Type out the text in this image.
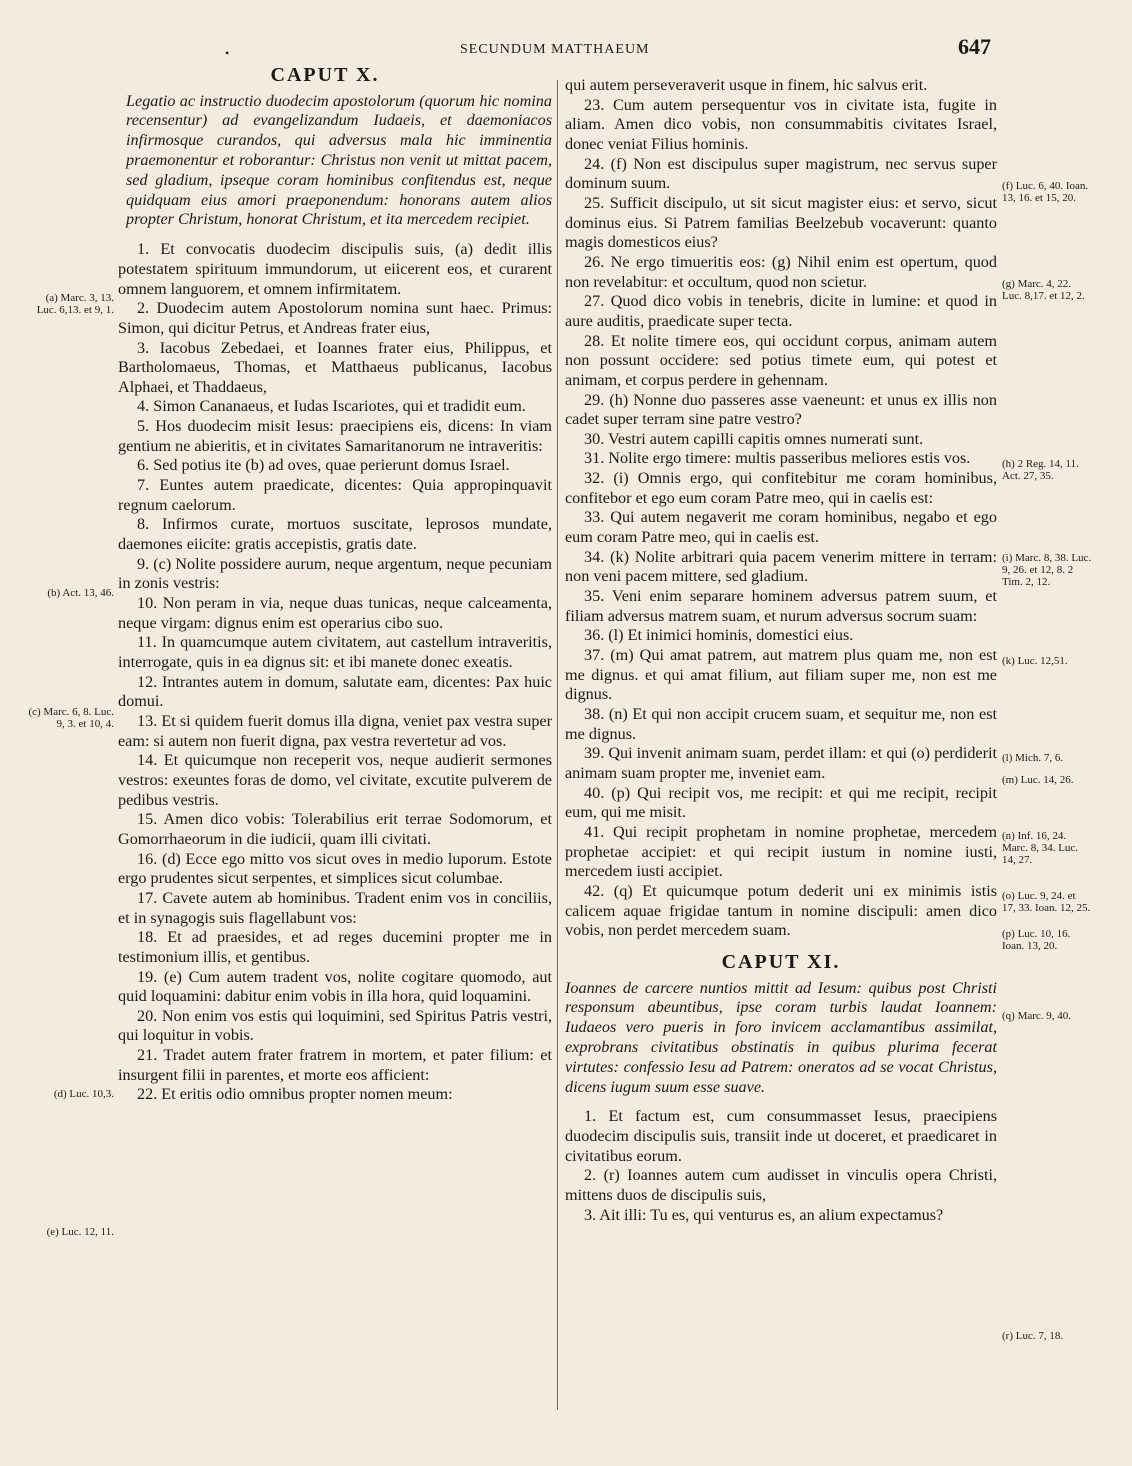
•	SECUNDUM MATTHAEUM	647
CAPUT X.

Legatio ac instructio duodecim apostolorum (quorum hic nomina recensentur) ad evangelizandum Iudaeis, et daemoniacos infirmosque curandos, qui adversus mala hic imminentia praemonentur et roborantur: Christus non venit ut mittat pacem, sed gladium, ipseque coram hominibus confitendus est, neque quidquam eius amori praeponendum: honorans autem alios propter Christum, honorat Christum, et ita mercedem recipiet.

1. Et convocatis duodecim discipulis suis, (a) dedit illis potestatem spirituum immundorum, ut eiicerent eos, et curarent omnem languorem, et omnem infirmitatem.

2. Duodecim autem Apostolorum nomina sunt haec. Primus: Simon, qui dicitur Petrus, et Andreas frater eius,

3. Iacobus Zebedaei, et Ioannes frater eius, Philippus, et Bartholomaeus, Thomas, et Matthaeus publicanus, Iacobus Alphaei, et Thaddaeus,

4. Simon Cananaeus, et Iudas Iscariotes, qui et tradidit eum.

5. Hos duodecim misit Iesus: praecipiens eis, dicens: In viam gentium ne abieritis, et in civitates Samaritanorum ne intraveritis:

6. Sed potius ite (b) ad oves, quae perierunt domus Israel.

7. Euntes autem praedicate, dicentes: Quia appropinquavit regnum caelorum.

8. Infirmos curate, mortuos suscitate, leprosos mundate, daemones eiicite: gratis accepistis, gratis date.

9. (c) Nolite possidere aurum, neque argentum, neque pecuniam in zonis vestris:

10. Non peram in via, neque duas tunicas, neque calceamenta, neque virgam: dignus enim est operarius cibo suo.

11. In quamcumque autem civitatem, aut castellum intraveritis, interrogate, quis in ea dignus sit: et ibi manete donec exeatis.

12. Intrantes autem in domum, salutate eam, dicentes: Pax huic domui.

13. Et si quidem fuerit domus illa digna, veniet pax vestra super eam: si autem non fuerit digna, pax vestra revertetur ad vos.

14. Et quicumque non receperit vos, neque audierit sermones vestros: exeuntes foras de domo, vel civitate, excutite pulverem de pedibus vestris.

15. Amen dico vobis: Tolerabilius erit terrae Sodomorum, et Gomorrhaeorum in die iudicii, quam illi civitati.

16. (d) Ecce ego mitto vos sicut oves in medio luporum. Estote ergo prudentes sicut serpentes, et simplices sicut columbae.

17. Cavete autem ab hominibus. Tradent enim vos in conciliis, et in synagogis suis flagellabunt vos:

18. Et ad praesides, et ad reges ducemini propter me in testimonium illis, et gentibus.

19. (e) Cum autem tradent vos, nolite cogitare quomodo, aut quid loquamini: dabitur enim vobis in illa hora, quid loquamini.

20. Non enim vos estis qui loquimini, sed Spiritus Patris vestri, qui loquitur in vobis.

21. Tradet autem frater fratrem in mortem, et pater filium: et insurgent filii in parentes, et morte eos afficient:

22. Et eritis odio omnibus propter nomen meum:

(a) Marc. 3, 13. Luc. 6,13. et 9, 1.
(b) Act. 13, 46.
(c) Marc. 6, 8. Luc. 9, 3. et 10, 4.
(d) Luc. 10,3.
(e) Luc. 12, 11.

qui autem perseveraverit usque in finem, hic salvus erit.

23. Cum autem persequentur vos in civitate ista, fugite in aliam. Amen dico vobis, non consummabitis civitates Israel, donec veniat Filius hominis.

24. (f) Non est discipulus super magistrum, nec servus super dominum suum.

25. Sufficit discipulo, ut sit sicut magister eius: et servo, sicut dominus eius. Si Patrem familias Beelzebub vocaverunt: quanto magis domesticos eius?

26. Ne ergo timueritis eos: (g) Nihil enim est opertum, quod non revelabitur: et occultum, quod non scietur.

27. Quod dico vobis in tenebris, dicite in lumine: et quod in aure auditis, praedicate super tecta.

28. Et nolite timere eos, qui occidunt corpus, animam autem non possunt occidere: sed potius timete eum, qui potest et animam, et corpus perdere in gehennam.

29. (h) Nonne duo passeres asse vaeneunt: et unus ex illis non cadet super terram sine patre vestro?

30. Vestri autem capilli capitis omnes numerati sunt.

31. Nolite ergo timere: multis passeribus meliores estis vos.

32. (i) Omnis ergo, qui confitebitur me coram hominibus, confitebor et ego eum coram Patre meo, qui in caelis est:

33. Qui autem negaverit me coram hominibus, negabo et ego eum coram Patre meo, qui in caelis est.

34. (k) Nolite arbitrari quia pacem venerim mittere in terram: non veni pacem mittere, sed gladium.

35. Veni enim separare hominem adversus patrem suum, et filiam adversus matrem suam, et nurum adversus socrum suam:

36. (l) Et inimici hominis, domestici eius.

37. (m) Qui amat patrem, aut matrem plus quam me, non est me dignus. et qui amat filium, aut filiam super me, non est me dignus.

38. (n) Et qui non accipit crucem suam, et sequitur me, non est me dignus.

39. Qui invenit animam suam, perdet illam: et qui (o) perdiderit animam suam propter me, inveniet eam.

40. (p) Qui recipit vos, me recipit: et qui me recipit, recipit eum, qui me misit.

41. Qui recipit prophetam in nomine prophetae, mercedem prophetae accipiet: et qui recipit iustum in nomine iusti, mercedem iusti accipiet.

42. (q) Et quicumque potum dederit uni ex minimis istis calicem aquae frigidae tantum in nomine discipuli: amen dico vobis, non perdet mercedem suam.

CAPUT XI.

Ioannes de carcere nuntios mittit ad Iesum: quibus post Christi responsum abeuntibus, ipse coram turbis laudat Ioannem: Iudaeos vero pueris in foro invicem acclamantibus assimilat, exprobrans civitatibus obstinatis in quibus plurima fecerat virtutes: confessio Iesu ad Patrem: oneratos ad se vocat Christus, dicens iugum suum esse suave.

1. Et factum est, cum consummasset Iesus, praecipiens duodecim discipulis suis, transiit inde ut doceret, et praedicaret in civitatibus eorum.

2. (r) Ioannes autem cum audisset in vinculis opera Christi, mittens duos de discipulis suis,

3. Ait illi: Tu es, qui venturus es, an alium expectamus?

(f) Luc. 6, 40. Ioan. 13, 16. et 15, 20.
(g) Marc. 4, 22. Luc. 8,17. et 12, 2.
(h) 2 Reg. 14, 11. Act. 27, 35.
(i) Marc. 8, 38. Luc. 9, 26. et 12, 8. 2 Tim. 2, 12.
(k) Luc. 12,51.
(l) Mich. 7, 6.
(m) Luc. 14, 26.
(n) Inf. 16, 24. Marc. 8, 34. Luc. 14, 27.
(o) Luc. 9, 24. et 17, 33. Ioan. 12, 25.
(p) Luc. 10, 16. Ioan. 13, 20.
(q) Marc. 9, 40.
(r) Luc. 7, 18.
